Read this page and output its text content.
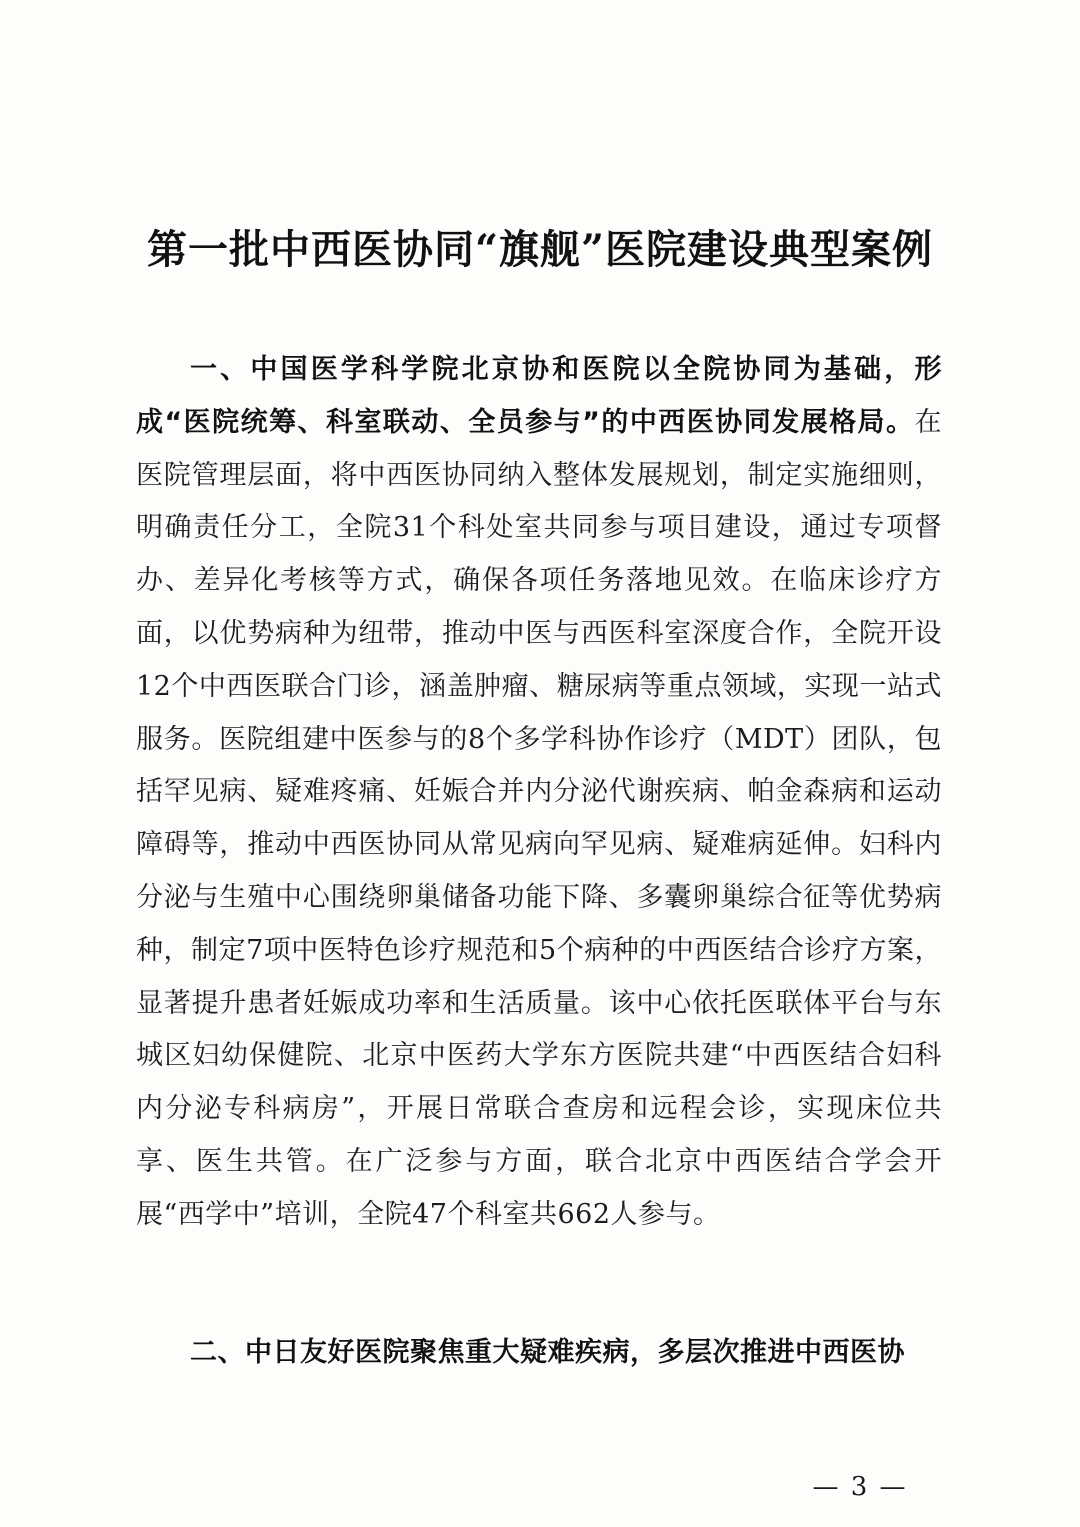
第一批中西医协同“旗舰”医院建设典型案例
一、中国医学科学院北京协和医院以全院协同为基础，形成“医院统筹、科室联动、全员参与”的中西医协同发展格局。在医院管理层面，将中西医协同纳入整体发展规划，制定实施细则，明确责任分工，全院31个科处室共同参与项目建设，通过专项督办、差异化考核等方式，确保各项任务落地见效。在临床诊疗方面，以优势病种为纽带，推动中医与西医科室深度合作，全院开设12个中西医联合门诊，涵盖肿瘤、糖尿病等重点领域，实现一站式服务。医院组建中医参与的8个多学科协作诊疗（MDT）团队，包括罕见病、疑难疼痛、妊娠合并内分泌代谢疾病、帕金森病和运动障碍等，推动中西医协同从常见病向罕见病、疑难病延伸。妇科内分泌与生殖中心围绕卵巢储备功能下降、多囊卵巢综合征等优势病种，制定7项中医特色诊疗规范和5个病种的中西医结合诊疗方案，显著提升患者妊娠成功率和生活质量。该中心依托医联体平台与东城区妇幼保健院、北京中医药大学东方医院共建“中西医结合妇科内分泌专科病房”，开展日常联合查房和远程会诊，实现床位共享、医生共管。在广泛参与方面，联合北京中西医结合学会开展“西学中”培训，全院47个科室共662人参与。
二、中日友好医院聚焦重大疑难疾病，多层次推进中西医协
— 3 —
